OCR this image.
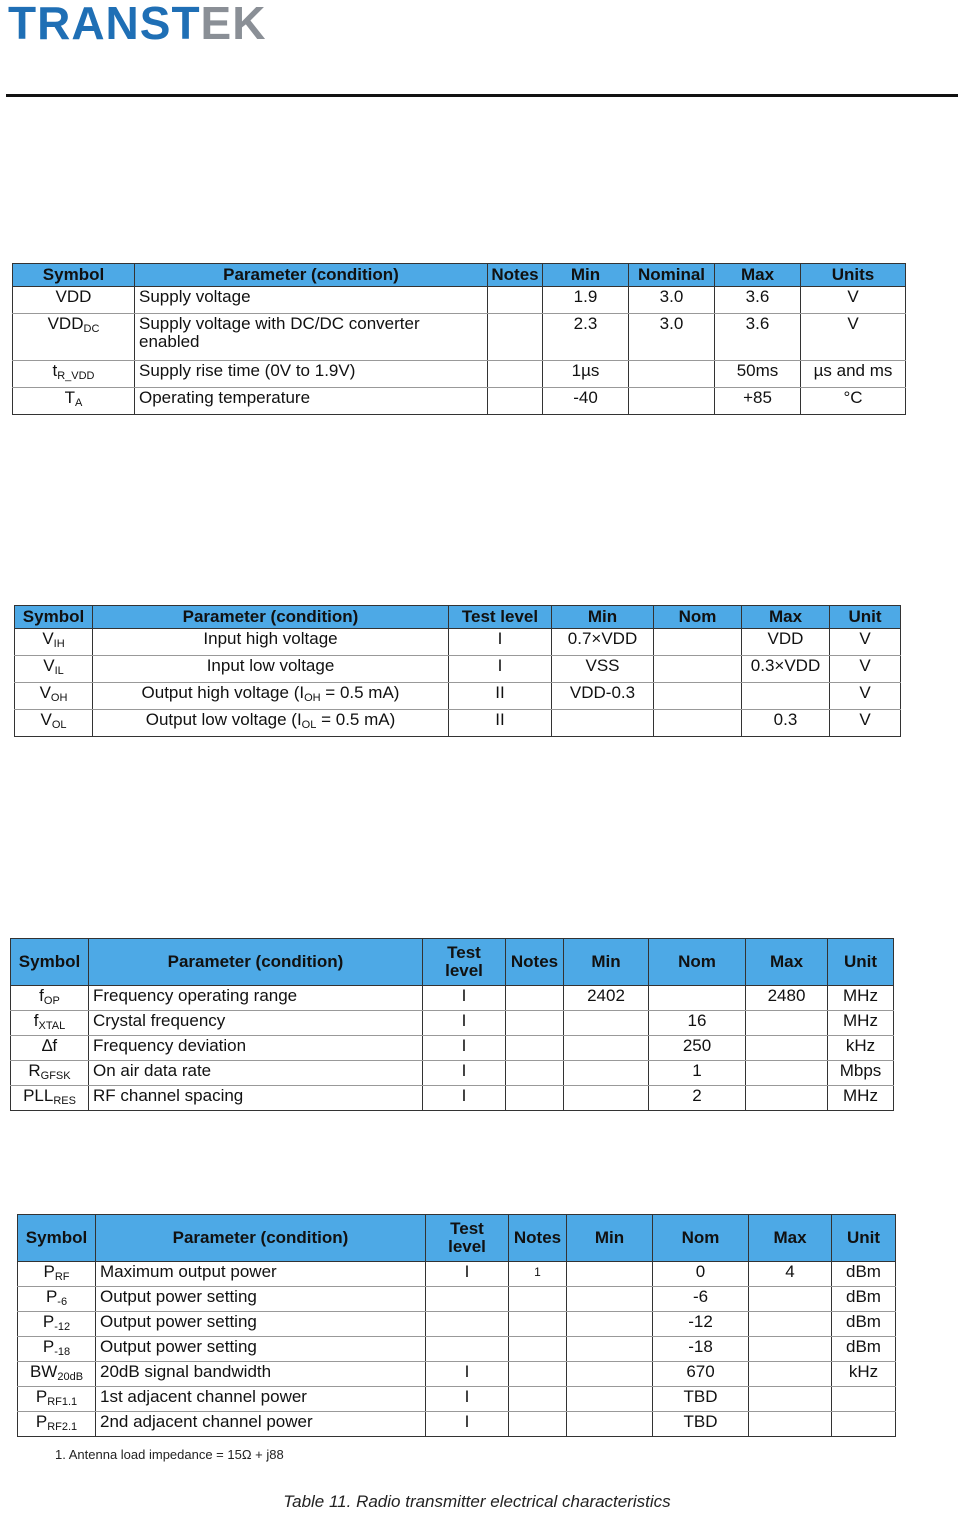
TRANSTEK
Symbol	Parameter (condition)	Notes	Min	Nominal	Max	Units
VDD	Supply voltage		1.9	3.0	3.6	V
$VDD_{DC}$	Supply voltage with DC/DC converter enabled		2.3	3.0	3.6	V
$t_{R\_VDD}$	Supply rise time (0V to 1.9V)		1µs		50ms	µs and ms
$T_A$	Operating temperature		-40		+85	°C
Symbol	Parameter (condition)	Test level	Min	Nom	Max	Unit
$V_{IH}$	Input high voltage	I	0.7×VDD		VDD	V
$V_{IL}$	Input low voltage	I	VSS		0.3×VDD	V
$V_{OH}$	Output high voltage ($I_{OH} = 0.5$ mA)	II	VDD-0.3			V
$V_{OL}$	Output low voltage ($I_{OL} = 0.5$ mA)	II			0.3	V
Symbol	Parameter (condition)	Test level	Notes	Min	Nom	Max	Unit
$f_{OP}$	Frequency operating range	I		2402		2480	MHz
$f_{XTAL}$	Crystal frequency	I			16		MHz
∆f	Frequency deviation	I			250		kHz
$R_{GFSK}$	On air data rate	I			1		Mbps
$PLL_{RES}$	RF channel spacing	I			2		MHz
Symbol	Parameter (condition)	Test level	Notes	Min	Nom	Max	Unit
$P_{RF}$	Maximum output power	I	1		0	4	dBm
$P_{-6}$	Output power setting				-6		dBm
$P_{-12}$	Output power setting				-12		dBm
$P_{-18}$	Output power setting				-18		dBm
$BW_{20dB}$	20dB signal bandwidth	I			670		kHz
$P_{RF1.1}$	1st adjacent channel power	I			TBD		
$P_{RF2.1}$	2nd adjacent channel power	I			TBD		
1. Antenna load impedance = 15Ω + j88
Table 11. Radio transmitter electrical characteristics
